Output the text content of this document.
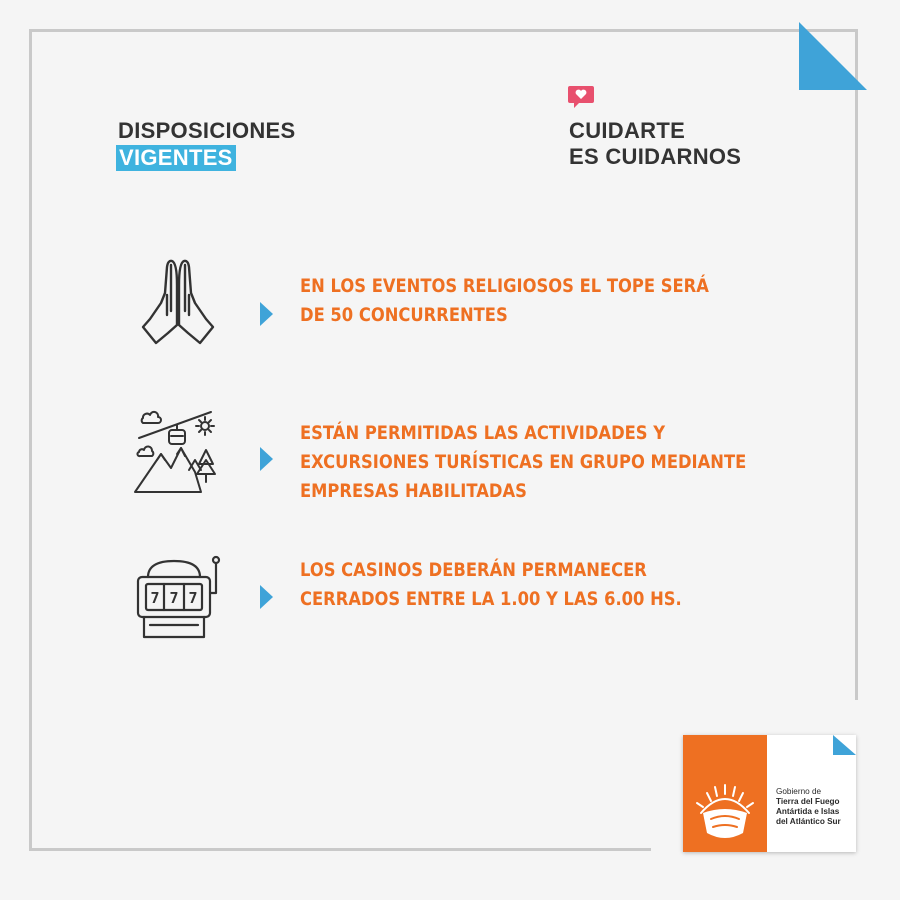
DISPOSICIONES
VIGENTES
CUIDARTE
ES CUIDARNOS
EN LOS EVENTOS RELIGIOSOS EL TOPE SERÁ
DE 50 CONCURRENTES
ESTÁN PERMITIDAS LAS ACTIVIDADES Y
EXCURSIONES TURÍSTICAS EN GRUPO MEDIANTE
EMPRESAS HABILITADAS
7 7 7
LOS CASINOS DEBERÁN PERMANECER
CERRADOS ENTRE LA 1.00 Y LAS 6.00 HS.
Gobierno de
Tierra del Fuego
Antártida e Islas
del Atlántico Sur
